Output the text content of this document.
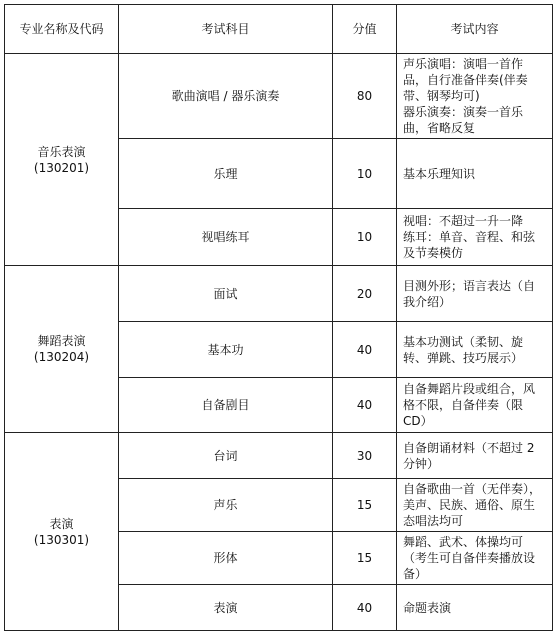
专业名称及代码	考试科目	分值	考试内容

音乐表演
(130201)	歌曲演唱 / 器乐演奏	80	声乐演唱：演唱一首作品，自行准备伴奏(伴奏带、钢琴均可)
器乐演奏：演奏一首乐曲，省略反复

	乐理	10	基本乐理知识

	视唱练耳	10	视唱：不超过一升一降
练耳：单音、音程、和弦及节奏模仿

舞蹈表演
(130204)	面试	20	目测外形；语言表达（自我介绍）

	基本功	40	基本功测试（柔韧、旋转、弹跳、技巧展示）

	自备剧目	40	自备舞蹈片段或组合，风格不限，自备伴奏（限 CD）

表演
(130301)	台词	30	自备朗诵材料（不超过 2 分钟）

	声乐	15	自备歌曲一首（无伴奏），美声、民族、通俗、原生态唱法均可

	形体	15	舞蹈、武术、体操均可（考生可自备伴奏播放设备）

	表演	40	命题表演
